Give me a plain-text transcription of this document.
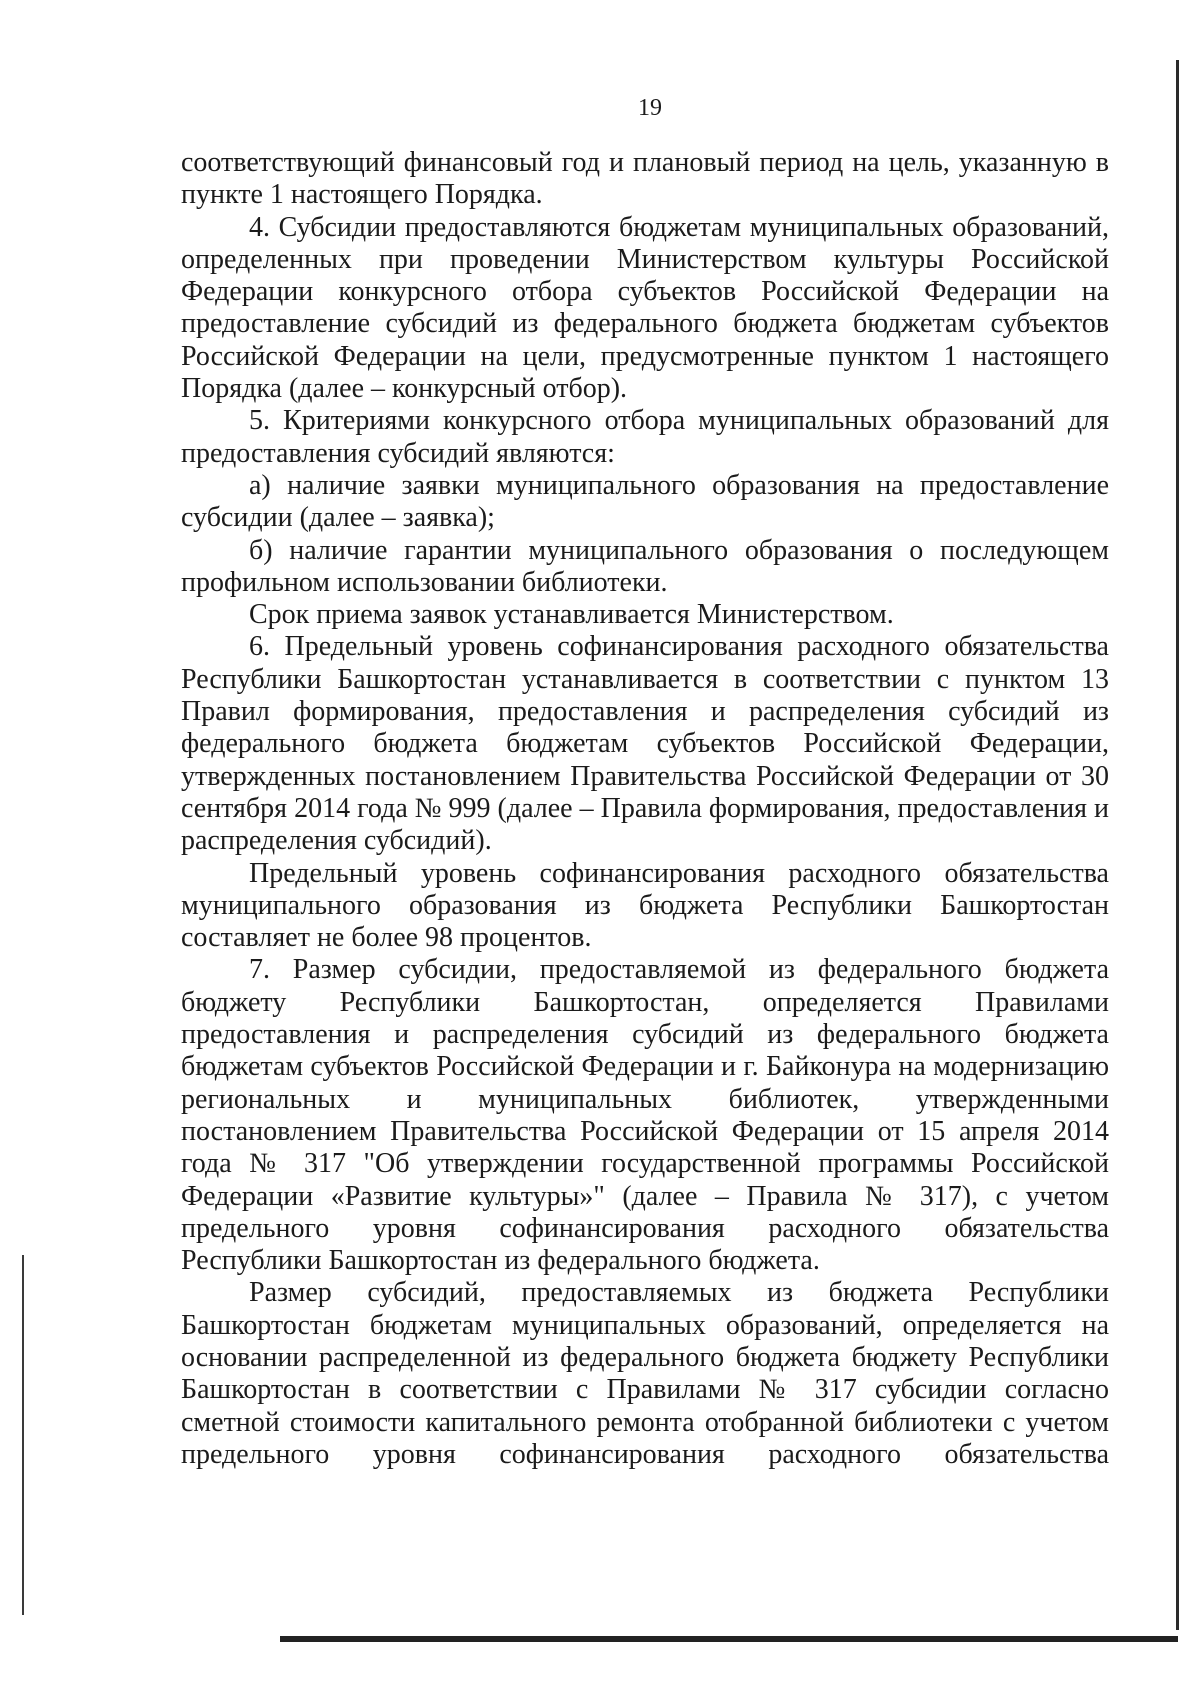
19

соответствующий финансовый год и плановый период на цель, указанную в пункте 1 настоящего Порядка.

4. Субсидии предоставляются бюджетам муниципальных образований, определенных при проведении Министерством культуры Российской Федерации конкурсного отбора субъектов Российской Федерации на предоставление субсидий из федерального бюджета бюджетам субъектов Российской Федерации на цели, предусмотренные пунктом 1 настоящего Порядка (далее – конкурсный отбор).

5. Критериями конкурсного отбора муниципальных образований для предоставления субсидий являются:

а) наличие заявки муниципального образования на предоставление субсидии (далее – заявка);

б) наличие гарантии муниципального образования о последующем профильном использовании библиотеки.

Срок приема заявок устанавливается Министерством.

6. Предельный уровень софинансирования расходного обязательства Республики Башкортостан устанавливается в соответствии с пунктом 13 Правил формирования, предоставления и распределения субсидий из федерального бюджета бюджетам субъектов Российской Федерации, утвержденных постановлением Правительства Российской Федерации от 30 сентября 2014 года № 999 (далее – Правила формирования, предоставления и распределения субсидий).

Предельный уровень софинансирования расходного обязательства муниципального образования из бюджета Республики Башкортостан составляет не более 98 процентов.

7. Размер субсидии, предоставляемой из федерального бюджета бюджету Республики Башкортостан, определяется Правилами предоставления и распределения субсидий из федерального бюджета бюджетам субъектов Российской Федерации и г. Байконура на модернизацию региональных и муниципальных библиотек, утвержденными постановлением Правительства Российской Федерации от 15 апреля 2014 года № 317 "Об утверждении государственной программы Российской Федерации «Развитие культуры»" (далее – Правила № 317), с учетом предельного уровня софинансирования расходного обязательства Республики Башкортостан из федерального бюджета.

Размер субсидий, предоставляемых из бюджета Республики Башкортостан бюджетам муниципальных образований, определяется на основании распределенной из федерального бюджета бюджету Республики Башкортостан в соответствии с Правилами № 317 субсидии согласно сметной стоимости капитального ремонта отобранной библиотеки с учетом предельного уровня софинансирования расходного обязательства
